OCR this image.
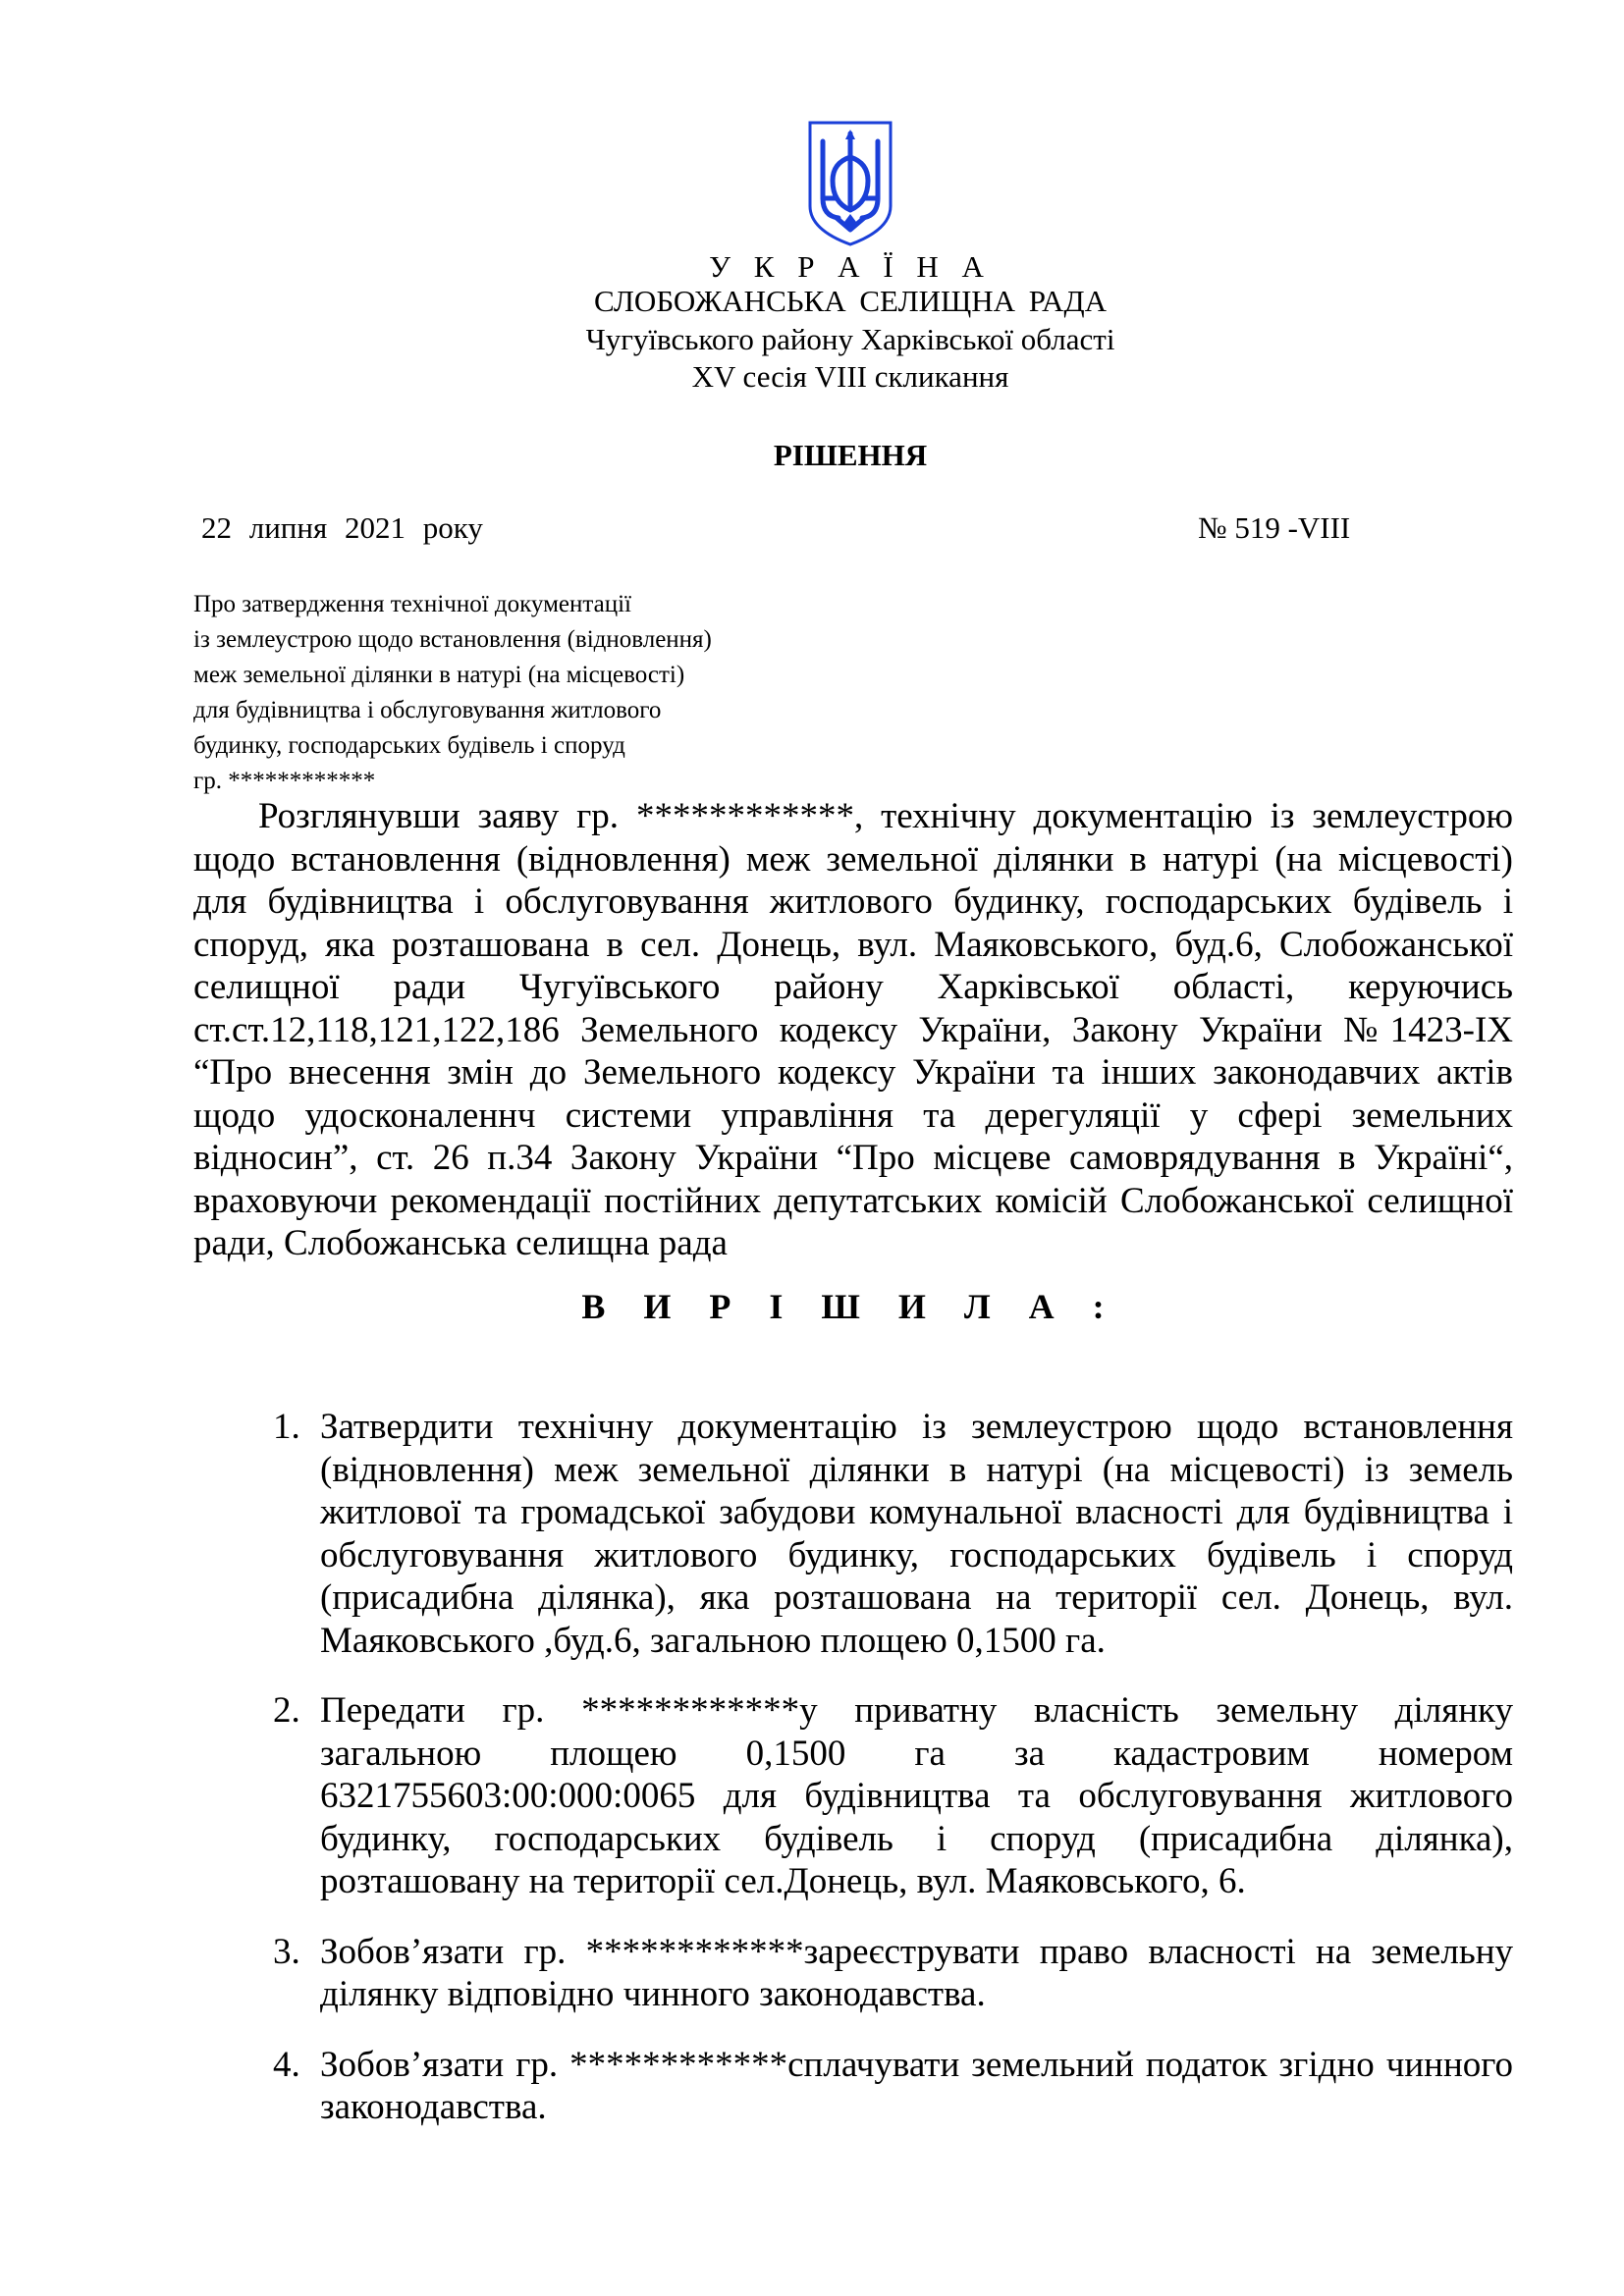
У К Р А Ї Н А
СЛОБОЖАНСЬКА СЕЛИЩНА РАДА
Чугуївського району Харківської області
XV сесія VIII скликання
РІШЕННЯ
22 липня 2021 року	№ 519 -VIII
Про затвердження технічної документації
із землеустрою щодо встановлення (відновлення)
меж земельної ділянки в натурі (на місцевості)
для будівництва і обслуговування житлового
будинку, господарських будівель і споруд
гр. ************

Розглянувши заяву гр. ************, технічну документацію із землеустрою щодо встановлення (відновлення) меж земельної ділянки в натурі (на місцевості) для будівництва і обслуговування житлового будинку, господарських будівель і споруд, яка розташована в сел. Донець, вул. Маяковського, буд.6, Слобожанської селищної ради Чугуївського району Харківської області, керуючись ст.ст.12,118,121,122,186 Земельного кодексу України, Закону України №1423-IX “Про внесення змін до Земельного кодексу України та інших законодавчих актів щодо удосконаленнч системи управління та дерегуляції у сфері земельних відносин”, ст. 26 п.34 Закону України “Про місцеве самоврядування в Україні“, враховуючи рекомендації постійних депутатських комісій Слобожанської селищної ради, Слобожанська селищна рада

В И Р І Ш И Л А :
1. Затвердити технічну документацію із землеустрою щодо встановлення (відновлення) меж земельної ділянки в натурі (на місцевості) із земель житлової та громадської забудови комунальної власності для будівництва і обслуговування житлового будинку, господарських будівель і споруд (присадибна ділянка), яка розташована на території сел. Донець, вул. Маяковського ,буд.6, загальною площею 0,1500 га.
2. Передати гр. ************у приватну власність земельну ділянку загальною площею 0,1500 га за кадастровим номером 6321755603:00:000:0065 для будівництва та обслуговування житлового будинку, господарських будівель і споруд (присадибна ділянка), розташовану на території сел.Донець, вул. Маяковського, 6.
3. Зобов’язати гр. ************зареєструвати право власності на земельну ділянку відповідно чинного законодавства.
4. Зобов’язати гр. ************сплачувати земельний податок згідно чинного законодавства.
